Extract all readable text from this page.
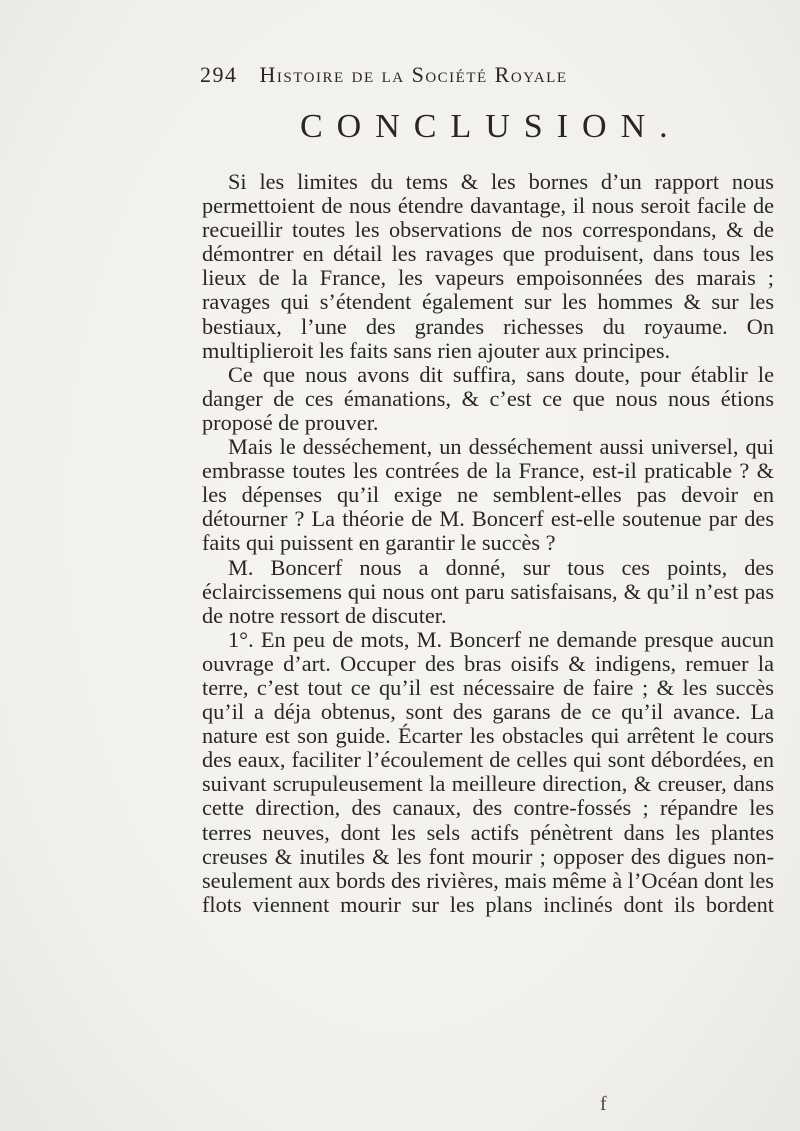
294 Histoire de la Société Royale
CONCLUSION.

Si les limites du tems & les bornes d’un rapport nous permettoient de nous étendre davantage, il nous seroit facile de recueillir toutes les observations de nos correspondans, & de démontrer en détail les ravages que produisent, dans tous les lieux de la France, les vapeurs empoisonnées des marais ; ravages qui s’étendent également sur les hommes & sur les bestiaux, l’une des grandes richesses du royaume. On multiplieroit les faits sans rien ajouter aux principes.

Ce que nous avons dit suffira, sans doute, pour établir le danger de ces émanations, & c’est ce que nous nous étions proposé de prouver.

Mais le desséchement, un desséchement aussi universel, qui embrasse toutes les contrées de la France, est-il praticable ? & les dépenses qu’il exige ne semblent-elles pas devoir en détourner ? La théorie de M. Boncerf est-elle soutenue par des faits qui puissent en garantir le succès ?

M. Boncerf nous a donné, sur tous ces points, des éclaircissemens qui nous ont paru satisfaisans, & qu’il n’est pas de notre ressort de discuter.

1°. En peu de mots, M. Boncerf ne demande presque aucun ouvrage d’art. Occuper des bras oisifs & indigens, remuer la terre, c’est tout ce qu’il est nécessaire de faire ; & les succès qu’il a déja obtenus, sont des garans de ce qu’il avance. La nature est son guide. Écarter les obstacles qui arrêtent le cours des eaux, faciliter l’écoulement de celles qui sont débordées, en suivant scrupuleusement la meilleure direction, & creuser, dans cette direction, des canaux, des contre-fossés ; répandre les terres neuves, dont les sels actifs pénètrent dans les plantes creuses & inutiles & les font mourir ; opposer des digues non-seulement aux bords des rivières, mais même à l’Océan dont les flots viennent mourir sur les plans inclinés dont ils bordent

f
